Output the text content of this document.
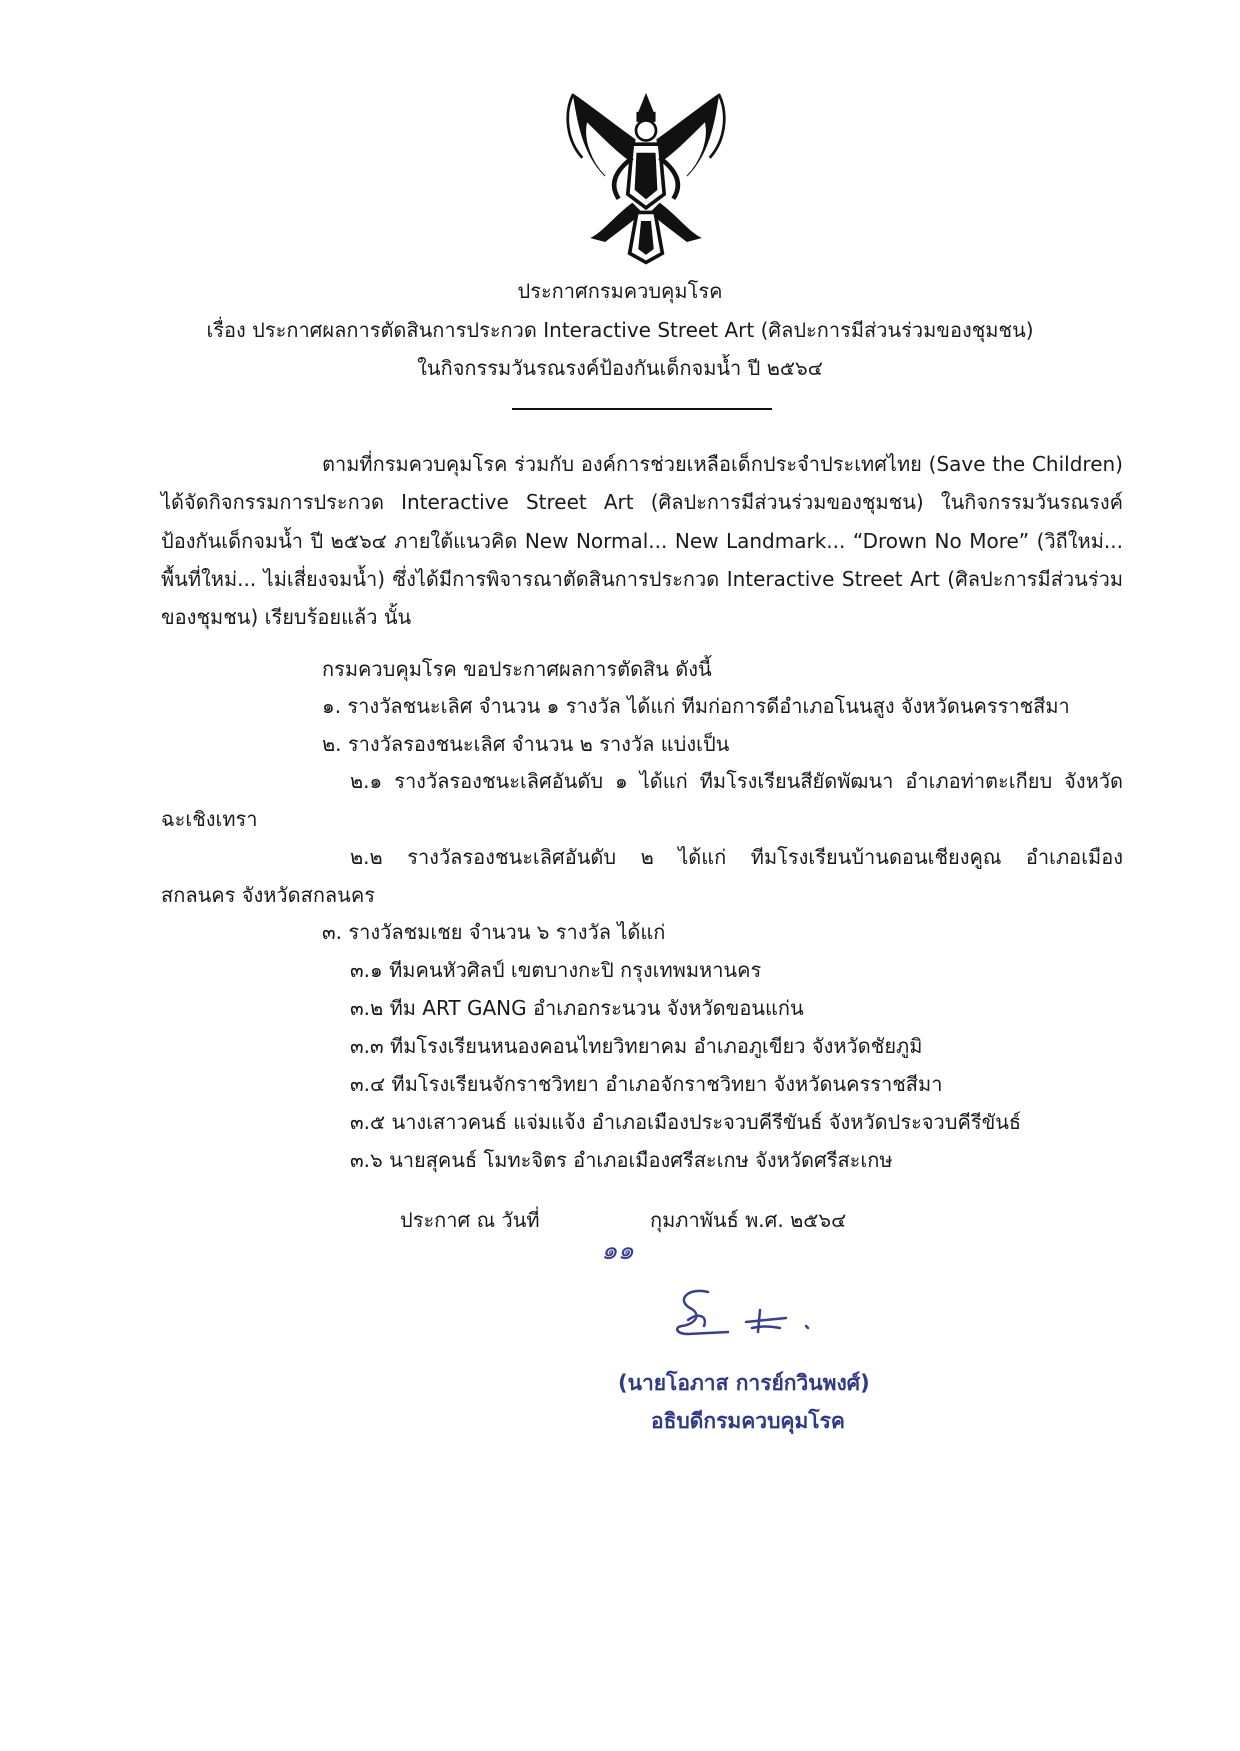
ประกาศกรมควบคุมโรค
เรื่อง ประกาศผลการตัดสินการประกวด Interactive Street Art (ศิลปะการมีส่วนร่วมของชุมชน)
ในกิจกรรมวันรณรงค์ป้องกันเด็กจมน้ำ ปี ๒๕๖๔
ตามที่กรมควบคุมโรค ร่วมกับ องค์การช่วยเหลือเด็กประจำประเทศไทย (Save the Children)
ได้จัดกิจกรรมการประกวด Interactive Street Art (ศิลปะการมีส่วนร่วมของชุมชน) ในกิจกรรมวันรณรงค์
ป้องกันเด็กจมน้ำ ปี ๒๕๖๔ ภายใต้แนวคิด New Normal... New Landmark... “Drown No More” (วิถีใหม่...
พื้นที่ใหม่... ไม่เสี่ยงจมน้ำ) ซึ่งได้มีการพิจารณาตัดสินการประกวด Interactive Street Art (ศิลปะการมีส่วนร่วม
ของชุมชน) เรียบร้อยแล้ว นั้น
กรมควบคุมโรค ขอประกาศผลการตัดสิน ดังนี้
๑. รางวัลชนะเลิศ จำนวน ๑ รางวัล ได้แก่ ทีมก่อการดีอำเภอโนนสูง จังหวัดนครราชสีมา
๒. รางวัลรองชนะเลิศ จำนวน ๒ รางวัล แบ่งเป็น
๒.๑ รางวัลรองชนะเลิศอันดับ ๑ ได้แก่ ทีมโรงเรียนสียัดพัฒนา อำเภอท่าตะเกียบ จังหวัด
ฉะเชิงเทรา
๒.๒ รางวัลรองชนะเลิศอันดับ ๒ ได้แก่ ทีมโรงเรียนบ้านดอนเชียงคูณ อำเภอเมือง
สกลนคร จังหวัดสกลนคร
๓. รางวัลชมเชย จำนวน ๖ รางวัล ได้แก่
๓.๑ ทีมคนหัวศิลป์ เขตบางกะปิ กรุงเทพมหานคร
๓.๒ ทีม ART GANG อำเภอกระนวน จังหวัดขอนแก่น
๓.๓ ทีมโรงเรียนหนองคอนไทยวิทยาคม อำเภอภูเขียว จังหวัดชัยภูมิ
๓.๔ ทีมโรงเรียนจักราชวิทยา อำเภอจักราชวิทยา จังหวัดนครราชสีมา
๓.๕ นางเสาวคนธ์ แจ่มแจ้ง อำเภอเมืองประจวบคีรีขันธ์ จังหวัดประจวบคีรีขันธ์
๓.๖ นายสุคนธ์ โมทะจิตร อำเภอเมืองศรีสะเกษ จังหวัดศรีสะเกษ
ประกาศ ณ วันที่
๑๑
กุมภาพันธ์ พ.ศ. ๒๕๖๔
(นายโอภาส การย์กวินพงศ์)
อธิบดีกรมควบคุมโรค
